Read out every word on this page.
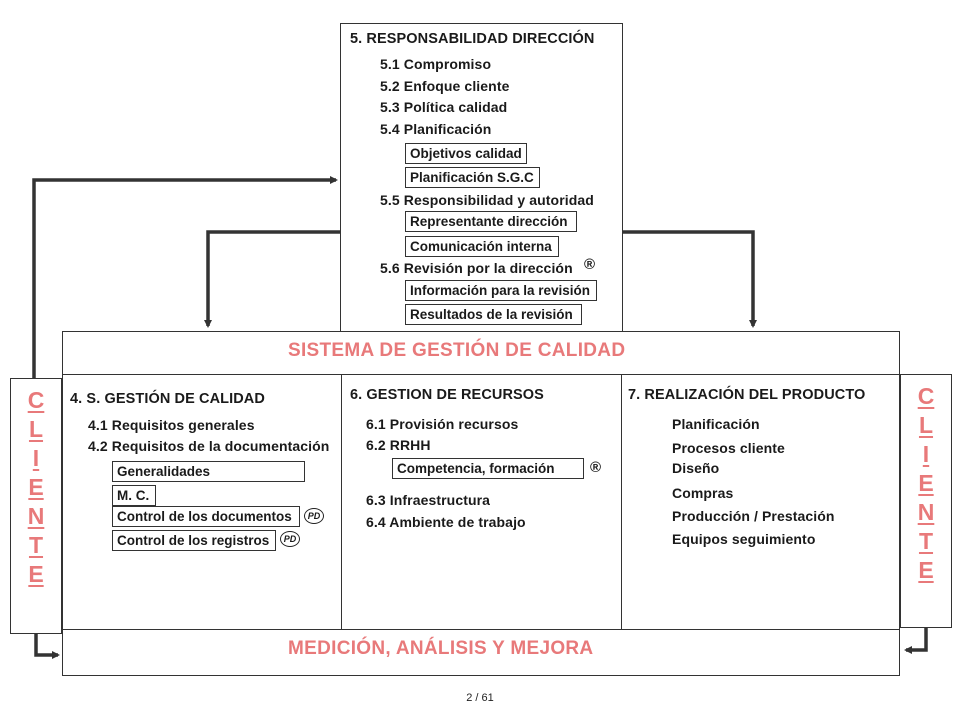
5. RESPONSABILIDAD DIRECCIÓN
5.1 Compromiso
5.2 Enfoque cliente
5.3 Política calidad
5.4 Planificación
Objetivos calidad
Planificación S.G.C
5.5 Responsibilidad y autoridad
Representante dirección
Comunicación interna
5.6 Revisión por la dirección ®
Información para la revisión
Resultados de la revisión
SISTEMA DE GESTIÓN DE CALIDAD
C
L
I
E
N
T
E
C
L
I
E
N
T
E
4. S. GESTIÓN DE CALIDAD
4.1 Requisitos generales
4.2 Requisitos de la documentación
Generalidades
M. C.
Control de los documentos	PD
Control de los registros	PD
6. GESTION DE RECURSOS
6.1 Provisión recursos
6.2 RRHH
Competencia, formación	®
6.3 Infraestructura
6.4 Ambiente de trabajo
7. REALIZACIÓN DEL PRODUCTO
Planificación
Procesos cliente
Diseño
Compras
Producción / Prestación
Equipos seguimiento
MEDICIÓN, ANÁLISIS Y MEJORA
2 / 61
